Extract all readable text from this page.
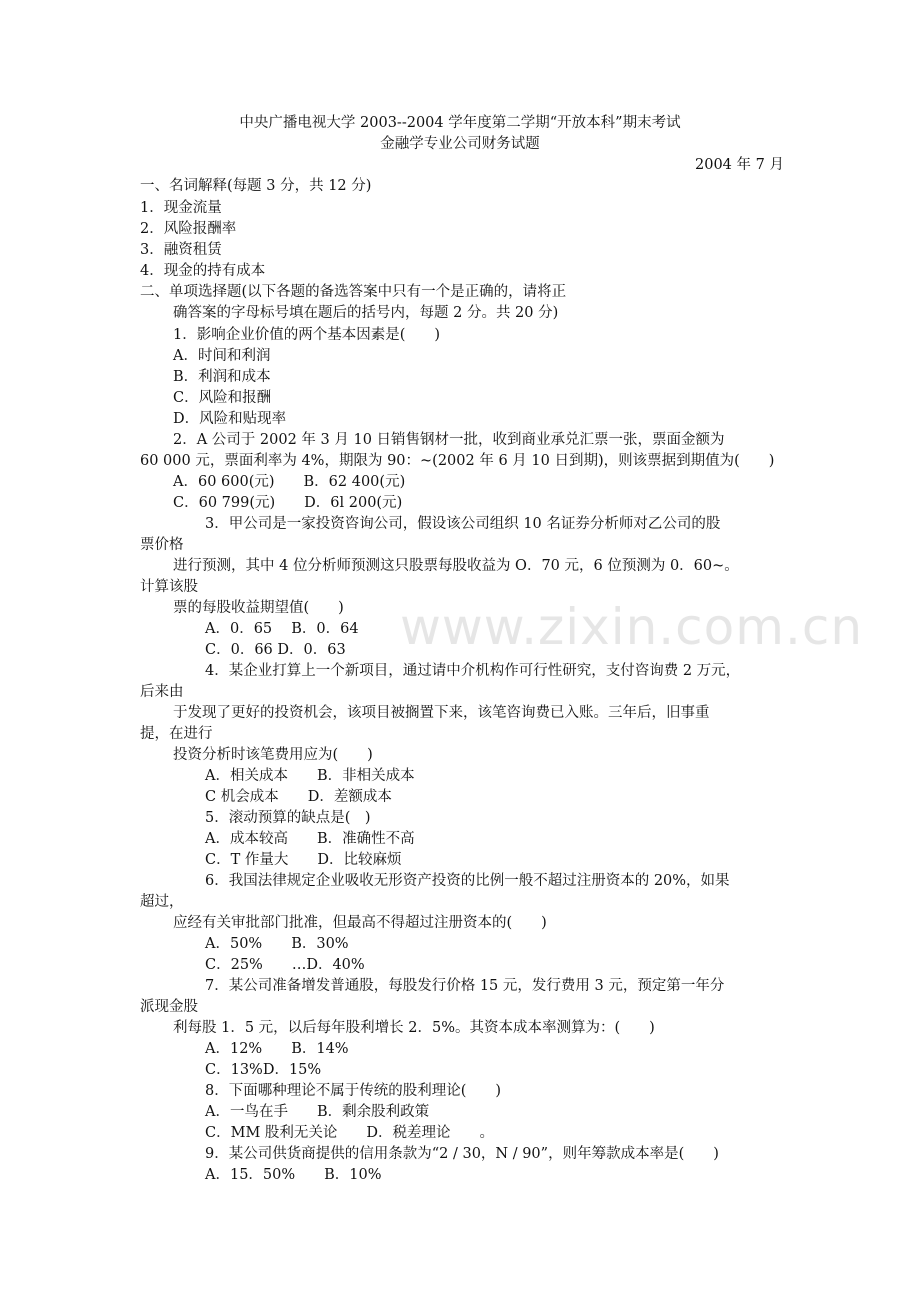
www.zixin.com.cn
中央广播电视大学 2003--2004 学年度第二学期“开放本科”期末考试
金融学专业公司财务试题
2004 年 7 月
一、名词解释(每题 3 分，共 12 分)
1．现金流量
2．风险报酬率
3．融资租赁
4．现金的持有成本
二、单项选择题(以下各题的备选答案中只有一个是正确的，请将正
确答案的字母标号填在题后的括号内，每题 2 分。共 20 分)
1．影响企业价值的两个基本因素是(　　)
A．时间和利润
B．利润和成本
C．风险和报酬
D．风险和贴现率
2．A 公司于 2002 年 3 月 10 日销售钢材一批，收到商业承兑汇票一张，票面金额为
60 000 元，票面利率为 4%，期限为 90：~(2002 年 6 月 10 日到期)，则该票据到期值为(　　)
A．60 600(元)　　B．62 400(元)
C．60 799(元)　　D．6l 200(元)
3．甲公司是一家投资咨询公司，假设该公司组织 10 名证券分析师对乙公司的股
票价格
进行预测，其中 4 位分析师预测这只股票每股收益为 O．70 元，6 位预测为 0．60~。
计算该股
票的每股收益期望值(　　)
A．0．65　 B．0．64
C．0．66 D．0．63
4．某企业打算上一个新项目，通过请中介机构作可行性研究，支付咨询费 2 万元，
后来由
于发现了更好的投资机会，该项目被搁置下来，该笔咨询费已入账。三年后，旧事重
提，在进行
投资分析时该笔费用应为(　　)
A．相关成本　　B．非相关成本
C 机会成本　　D．差额成本
5．滚动预算的缺点是(　)
A．成本较高　　B．准确性不高
C．T 作量大　　D．比较麻烦
6．我国法律规定企业吸收无形资产投资的比例一般不超过注册资本的 20%，如果
超过，
应经有关审批部门批准，但最高不得超过注册资本的(　　)
A．50%　　B．30%
C．25%　　…D．40%
7．某公司准备增发普通股，每股发行价格 15 元，发行费用 3 元，预定第一年分
派现金股
利每股 1．5 元，以后每年股利增长 2．5%。其资本成本率测算为：(　　)
A．12%　　B．14%
C．13%D．15%
8．下面哪种理论不属于传统的股利理论(　　)
A．一鸟在手　　B．剩余股利政策
C．MM 股利无关论　　D．税差理论　　。
9．某公司供货商提供的信用条款为“2 / 30，N / 90”，则年筹款成本率是(　　)
A．15．50%　　B．10%
